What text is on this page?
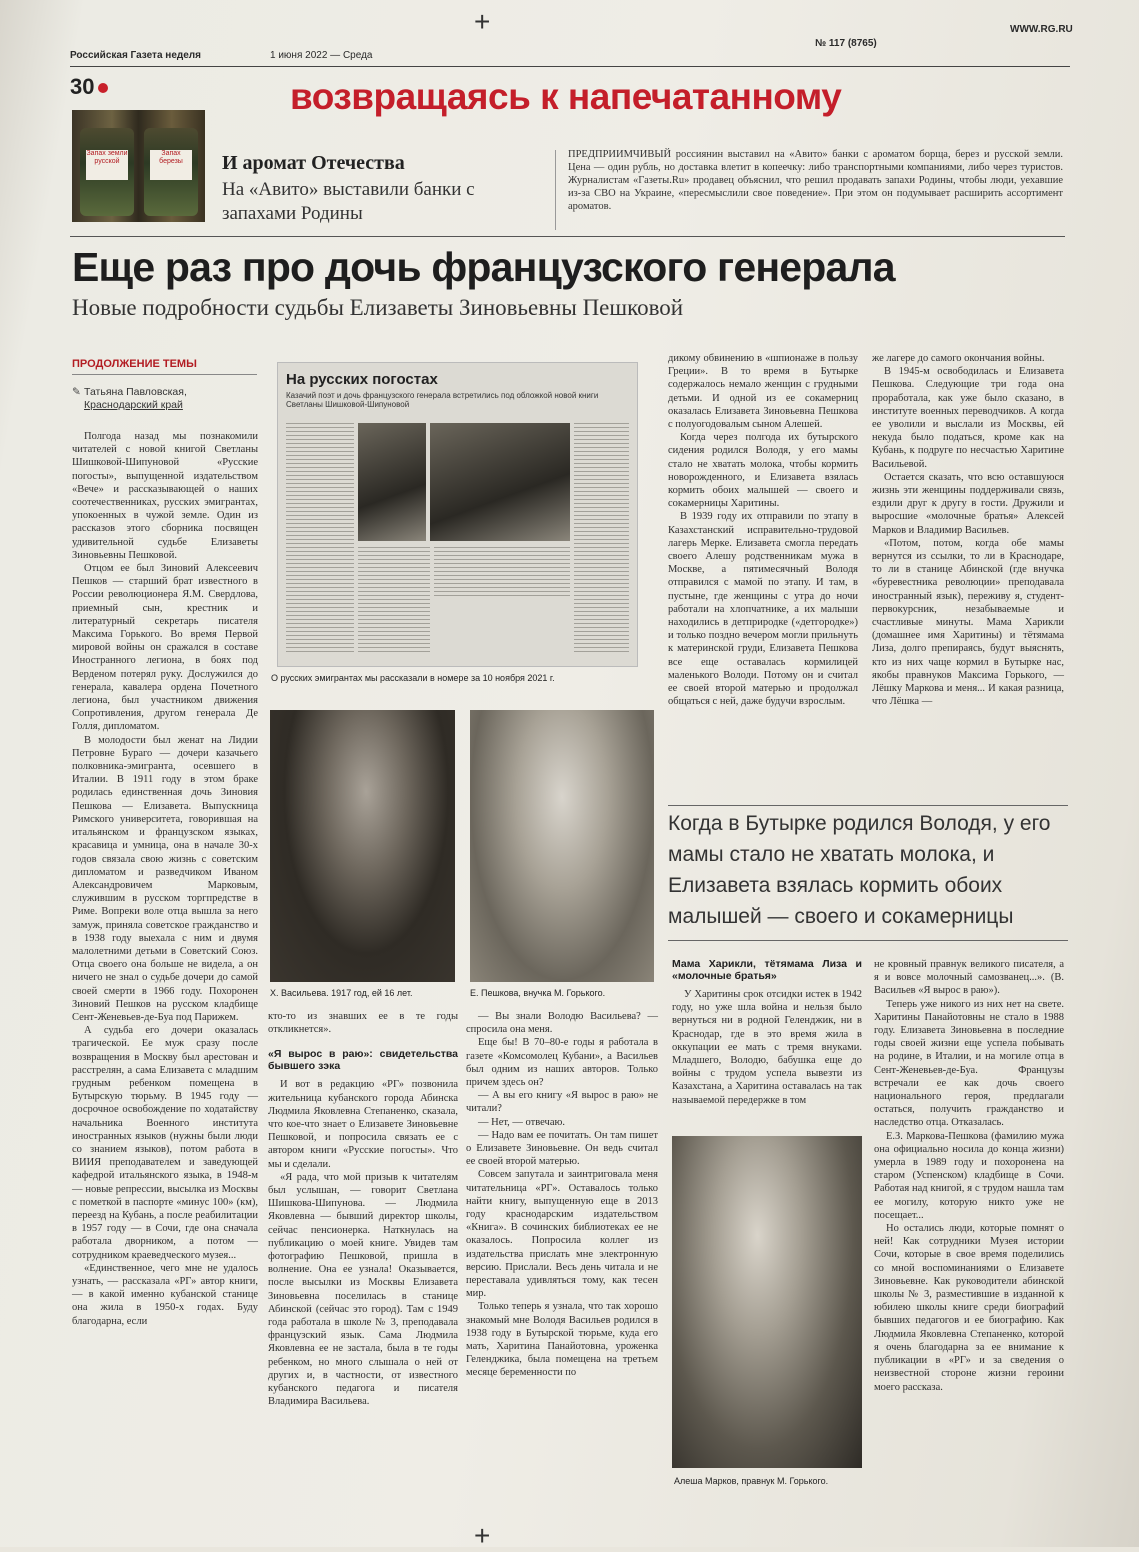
+
+
Российская Газета неделя	1 июня 2022 — Среда
№ 117 (8765)
WWW.RG.RU
30	возвращаясь к напечатанному
Запах земли русской
Запах березы	И аромат Отечества
На «Авито» выставили банки с запахами Родины
ПРЕДПРИИМЧИВЫЙ россиянин выставил на «Авито» банки с ароматом борща, берез и русской земли. Цена — один рубль, но доставка влетит в копеечку: либо транспортными компаниями, либо через туристов. Журналистам «Газеты.Ru» продавец объяснил, что решил продавать запахи Родины, чтобы люди, уехавшие из-за СВО на Украине, «пересмыслили свое поведение». При этом он подумывает расширить ассортимент ароматов.
Еще раз про дочь французского генерала
Новые подробности судьбы Елизаветы Зиновьевны Пешковой
ПРОДОЛЖЕНИЕ ТЕМЫ
✎ Татьяна Павловская,
Краснодарский край

Полгода назад мы познакомили читателей с новой книгой Светланы Шишковой-Шипуновой «Русские погосты», выпущенной издательством «Вече» и рассказывающей о наших соотечественниках, русских эмигрантах, упокоенных в чужой земле. Один из рассказов этого сборника посвящен удивительной судьбе Елизаветы Зиновьевны Пешковой.

Отцом ее был Зиновий Алексеевич Пешков — старший брат известного в России революционера Я.М. Свердлова, приемный сын, крестник и литературный секретарь писателя Максима Горького. Во время Первой мировой войны он сражался в составе Иностранного легиона, в боях под Верденом потерял руку. Дослужился до генерала, кавалера ордена Почетного легиона, был участником движения Сопротивления, другом генерала Де Голля, дипломатом.

В молодости был женат на Лидии Петровне Бураго — дочери казачьего полковника-эмигранта, осевшего в Италии. В 1911 году в этом браке родилась единственная дочь Зиновия Пешкова — Елизавета. Выпускница Римского университета, говорившая на итальянском и французском языках, красавица и умница, она в начале 30-х годов связала свою жизнь с советским дипломатом и разведчиком Иваном Александровичем Марковым, служившим в русском торгпредстве в Риме. Вопреки воле отца вышла за него замуж, приняла советское гражданство и в 1938 году выехала с ним и двумя малолетними детьми в Советский Союз. Отца своего она больше не видела, а он ничего не знал о судьбе дочери до самой своей смерти в 1966 году. Похоронен Зиновий Пешков на русском кладбище Сент-Женевьев-де-Буа под Парижем.

А судьба его дочери оказалась трагической. Ее муж сразу после возвращения в Москву был арестован и расстрелян, а сама Елизавета с младшим грудным ребенком помещена в Бутырскую тюрьму. В 1945 году — досрочное освобождение по ходатайству начальника Военного института иностранных языков (нужны были люди со знанием языков), потом работа в ВИИЯ преподавателем и заведующей кафедрой итальянского языка, в 1948-м — новые репрессии, высылка из Москвы с пометкой в паспорте «минус 100» (км), переезд на Кубань, а после реабилитации в 1957 году — в Сочи, где она сначала работала дворником, а потом — сотрудником краеведческого музея...

«Единственное, чего мне не удалось узнать, — рассказала «РГ» автор книги, — в какой именно кубанской станице она жила в 1950-х годах. Буду благодарна, если

На русских погостах
Казачий поэт и дочь французского генерала встретились под обложкой новой книги Светланы Шишковой-Шипуновой
О русских эмигрантах мы рассказали в номере за 10 ноября 2021 г.
Х. Васильева. 1917 год, ей 16 лет.	Е. Пешкова, внучка М. Горького.

кто-то из знавших ее в те годы откликнется».

«Я вырос в раю»: свидетельства бывшего зэка

И вот в редакцию «РГ» позвонила жительница кубанского города Абинска Людмила Яковлевна Степаненко, сказала, что кое-что знает о Елизавете Зиновьевне Пешковой, и попросила связать ее с автором книги «Русские погосты». Что мы и сделали.

«Я рада, что мой призыв к читателям был услышан, — говорит Светлана Шишкова-Шипунова. — Людмила Яковлевна — бывший директор школы, сейчас пенсионерка. Наткнулась на публикацию о моей книге. Увидев там фотографию Пешковой, пришла в волнение. Она ее узнала! Оказывается, после высылки из Москвы Елизавета Зиновьевна поселилась в станице Абинской (сейчас это город). Там с 1949 года работала в школе № 3, преподавала французский язык. Сама Людмила Яковлевна ее не застала, была в те годы ребенком, но много слышала о ней от других и, в частности, от известного кубанского педагога и писателя Владимира Васильева.

— Вы знали Володю Васильева? — спросила она меня.

Еще бы! В 70–80-е годы я работала в газете «Комсомолец Кубани», а Васильев был одним из наших авторов. Только причем здесь он?

— А вы его книгу «Я вырос в раю» не читали?

— Нет, — отвечаю.

— Надо вам ее почитать. Он там пишет о Елизавете Зиновьевне. Он ведь считал ее своей второй матерью.

Совсем запутала и заинтриговала меня читательница «РГ». Оставалось только найти книгу, выпущенную еще в 2013 году краснодарским издательством «Книга». В сочинских библиотеках ее не оказалось. Попросила коллег из издательства прислать мне электронную версию. Прислали. Весь день читала и не переставала удивляться тому, как тесен мир.

Только теперь я узнала, что так хорошо знакомый мне Володя Васильев родился в 1938 году в Бутырской тюрьме, куда его мать, Харитина Панайотовна, уроженка Геленджика, была помещена на третьем месяце беременности по

дикому обвинению в «шпионаже в пользу Греции». В то время в Бутырке содержалось немало женщин с грудными детьми. И одной из ее сокамерниц оказалась Елизавета Зиновьевна Пешкова с полуогодовалым сыном Алешей.

Когда через полгода их бутырского сидения родился Володя, у его мамы стало не хватать молока, чтобы кормить новорожденного, и Елизавета взялась кормить обоих малышей — своего и сокамерницы Харитины.

В 1939 году их отправили по этапу в Казахстанский исправительно-трудовой лагерь Мерке. Елизавета смогла передать своего Алешу родственникам мужа в Москве, а пятимесячный Володя отправился с мамой по этапу. И там, в пустыне, где женщины с утра до ночи работали на хлопчатнике, а их малыши находились в детприродке («детгородке») и только поздно вечером могли прильнуть к материнской груди, Елизавета Пешкова все еще оставалась кормилицей маленького Володи. Потому он и считал ее своей второй матерью и продолжал общаться с ней, даже будучи взрослым.

же лагере до самого окончания войны.

В 1945-м освободилась и Елизавета Пешкова. Следующие три года она проработала, как уже было сказано, в институте военных переводчиков. А когда ее уволили и выслали из Москвы, ей некуда было податься, кроме как на Кубань, к подруге по несчастью Харитине Васильевой.

Остается сказать, что всю оставшуюся жизнь эти женщины поддерживали связь, ездили друг к другу в гости. Дружили и выросшие «молочные братья» Алексей Марков и Владимир Васильев.

«Потом, потом, когда обе мамы вернутся из ссылки, то ли в Краснодаре, то ли в станице Абинской (где внучка «буревестника революции» преподавала иностранный язык), переживу я, студент-первокурсник, незабываемые и счастливые минуты. Мама Харикли (домашнее имя Харитины) и тётямама Лиза, долго препираясь, будут выяснять, кто из них чаще кормил в Бутырке нас, якобы правнуков Максима Горького, — Лёшку Маркова и меня... И какая разница, что Лёшка —

Когда в Бутырке родился Володя, у его мамы стало не хватать молока, и Елизавета взялась кормить обоих малышей — своего и сокамерницы
Мама Харикли, тётямама Лиза и «молочные братья»

У Харитины срок отсидки истек в 1942 году, но уже шла война и нельзя было вернуться ни в родной Геленджик, ни в Краснодар, где в это время жила в оккупации ее мать с тремя внуками. Младшего, Володю, бабушка еще до войны с трудом успела вывезти из Казахстана, а Харитина оставалась на так называемой передержке в том

Алеша Марков, правнук М. Горького.

не кровный правнук великого писателя, а я и вовсе молочный самозванец...». (В. Васильев «Я вырос в раю»).

Теперь уже никого из них нет на свете. Харитины Панайотовны не стало в 1988 году. Елизавета Зиновьевна в последние годы своей жизни еще успела побывать на родине, в Италии, и на могиле отца в Сент-Женевьев-де-Буа. Французы встречали ее как дочь своего национального героя, предлагали остаться, получить гражданство и наследство отца. Отказалась.

Е.З. Маркова-Пешкова (фамилию мужа она официально носила до конца жизни) умерла в 1989 году и похоронена на старом (Успенском) кладбище в Сочи. Работая над книгой, я с трудом нашла там ее могилу, которую никто уже не посещает...

Но остались люди, которые помнят о ней! Как сотрудники Музея истории Сочи, которые в свое время поделились со мной воспоминаниями о Елизавете Зиновьевне. Как руководители абинской школы № 3, разместившие в изданной к юбилею школы книге среди биографий бывших педагогов и ее биографию. Как Людмила Яковлевна Степаненко, которой я очень благодарна за ее внимание к публикации в «РГ» и за сведения о неизвестной стороне жизни героини моего рассказа.
